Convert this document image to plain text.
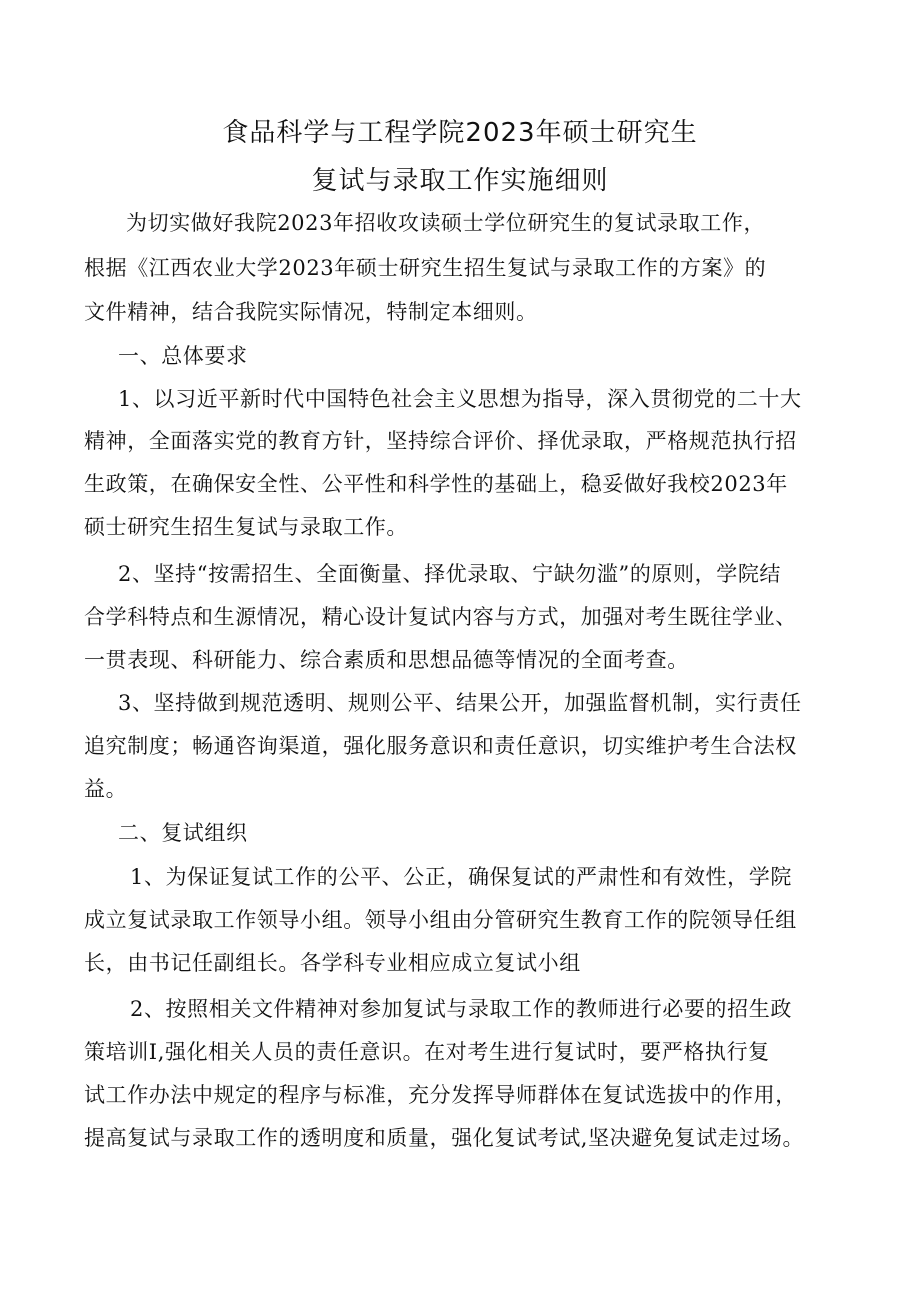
食品科学与工程学院2023年硕士研究生
复试与录取工作实施细则
为切实做好我院2023年招收攻读硕士学位研究生的复试录取工作，
根据《江西农业大学2023年硕士研究生招生复试与录取工作的方案》的
文件精神，结合我院实际情况，特制定本细则。
一、总体要求
1、以习近平新时代中国特色社会主义思想为指导，深入贯彻党的二十大
精神，全面落实党的教育方针，坚持综合评价、择优录取，严格规范执行招
生政策，在确保安全性、公平性和科学性的基础上，稳妥做好我校2023年
硕士研究生招生复试与录取工作。
2、坚持“按需招生、全面衡量、择优录取、宁缺勿滥”的原则，学院结
合学科特点和生源情况，精心设计复试内容与方式，加强对考生既往学业、
一贯表现、科研能力、综合素质和思想品德等情况的全面考查。
3、坚持做到规范透明、规则公平、结果公开，加强监督机制，实行责任
追究制度；畅通咨询渠道，强化服务意识和责任意识，切实维护考生合法权
益。
二、复试组织
1、为保证复试工作的公平、公正，确保复试的严肃性和有效性，学院
成立复试录取工作领导小组。领导小组由分管研究生教育工作的院领导任组
长，由书记任副组长。各学科专业相应成立复试小组
2、按照相关文件精神对参加复试与录取工作的教师进行必要的招生政
策培训I,强化相关人员的责任意识。在对考生进行复试时，要严格执行复
试工作办法中规定的程序与标准，充分发挥导师群体在复试选拔中的作用，
提高复试与录取工作的透明度和质量，强化复试考试,坚决避免复试走过场。
